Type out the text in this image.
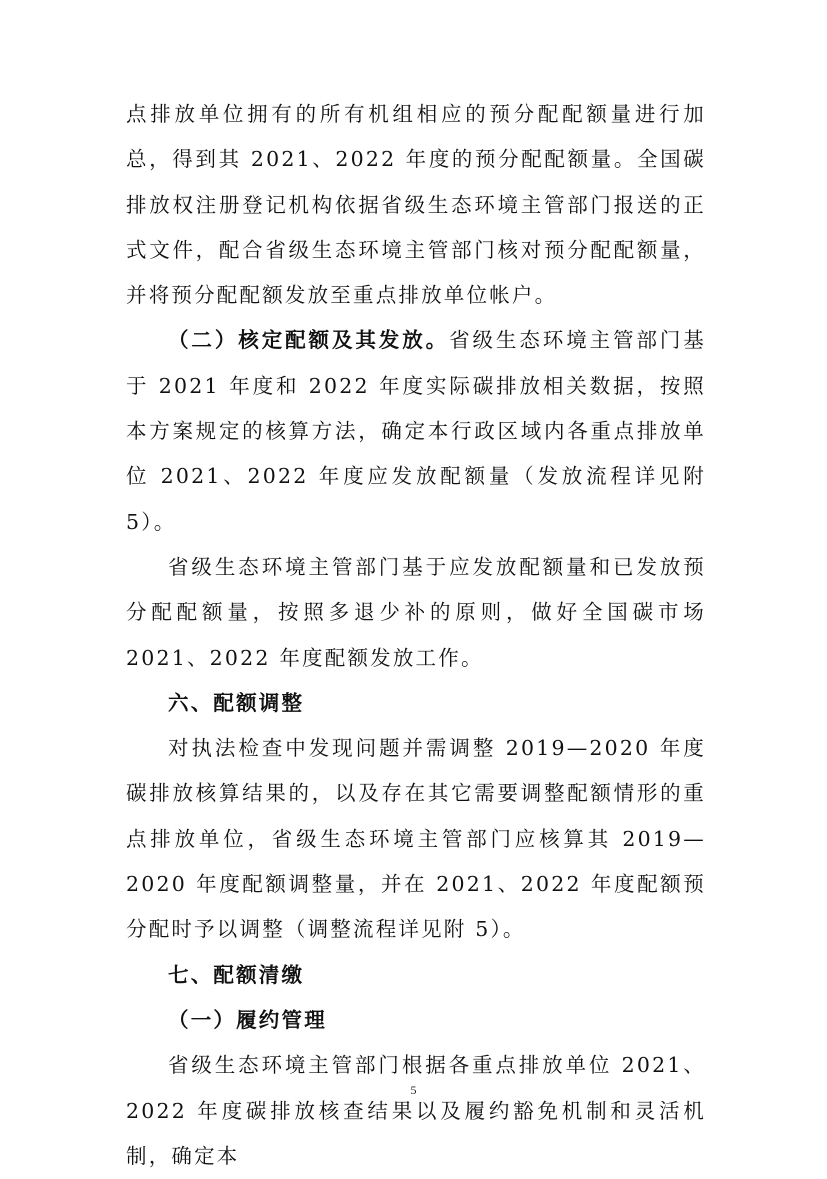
点排放单位拥有的所有机组相应的预分配配额量进行加总，得到其 2021、2022 年度的预分配配额量。全国碳排放权注册登记机构依据省级生态环境主管部门报送的正式文件，配合省级生态环境主管部门核对预分配配额量，并将预分配配额发放至重点排放单位帐户。

（二）核定配额及其发放。省级生态环境主管部门基于 2021 年度和 2022 年度实际碳排放相关数据，按照本方案规定的核算方法，确定本行政区域内各重点排放单位 2021、2022 年度应发放配额量（发放流程详见附 5）。

省级生态环境主管部门基于应发放配额量和已发放预分配配额量，按照多退少补的原则，做好全国碳市场 2021、2022 年度配额发放工作。

六、配额调整

对执法检查中发现问题并需调整 2019—2020 年度碳排放核算结果的，以及存在其它需要调整配额情形的重点排放单位，省级生态环境主管部门应核算其 2019—2020 年度配额调整量，并在 2021、2022 年度配额预分配时予以调整（调整流程详见附 5）。

七、配额清缴

（一）履约管理

省级生态环境主管部门根据各重点排放单位 2021、2022 年度碳排放核查结果以及履约豁免机制和灵活机制，确定本

5
